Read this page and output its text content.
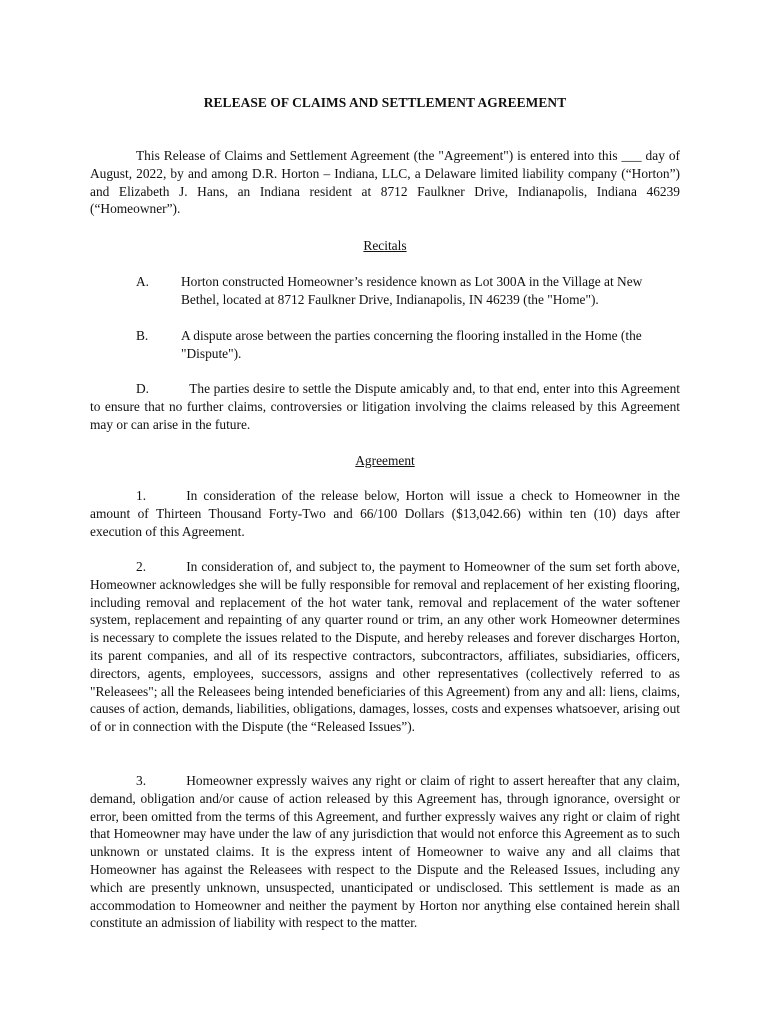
RELEASE OF CLAIMS AND SETTLEMENT AGREEMENT

This Release of Claims and Settlement Agreement (the "Agreement") is entered into this ___ day of August, 2022, by and among D.R. Horton – Indiana, LLC, a Delaware limited liability company (“Horton”) and Elizabeth J. Hans, an Indiana resident at 8712 Faulkner Drive, Indianapolis, Indiana 46239 (“Homeowner”).

Recitals
A.	Horton constructed Homeowner’s residence known as Lot 300A in the Village at New Bethel, located at 8712 Faulkner Drive, Indianapolis, IN 46239 (the "Home").
B.	A dispute arose between the parties concerning the flooring installed in the Home (the "Dispute").

D.   The parties desire to settle the Dispute amicably and, to that end, enter into this Agreement to ensure that no further claims, controversies or litigation involving the claims released by this Agreement may or can arise in the future.

Agreement

1.   In consideration of the release below, Horton will issue a check to Homeowner in the amount of Thirteen Thousand Forty-Two and 66/100 Dollars ($13,042.66) within ten (10) days after execution of this Agreement.

2.   In consideration of, and subject to, the payment to Homeowner of the sum set forth above, Homeowner acknowledges she will be fully responsible for removal and replacement of her existing flooring, including removal and replacement of the hot water tank, removal and replacement of the water softener system, replacement and repainting of any quarter round or trim, an any other work Homeowner determines is necessary to complete the issues related to the Dispute, and hereby releases and forever discharges Horton, its parent companies, and all of its respective contractors, subcontractors, affiliates, subsidiaries, officers, directors, agents, employees, successors, assigns and other representatives (collectively referred to as "Releasees"; all the Releasees being intended beneficiaries of this Agreement) from any and all: liens, claims, causes of action, demands, liabilities, obligations, damages, losses, costs and expenses whatsoever, arising out of or in connection with the Dispute (the “Released Issues”).

3.   Homeowner expressly waives any right or claim of right to assert hereafter that any claim, demand, obligation and/or cause of action released by this Agreement has, through ignorance, oversight or error, been omitted from the terms of this Agreement, and further expressly waives any right or claim of right that Homeowner may have under the law of any jurisdiction that would not enforce this Agreement as to such unknown or unstated claims. It is the express intent of Homeowner to waive any and all claims that Homeowner has against the Releasees with respect to the Dispute and the Released Issues, including any which are presently unknown, unsuspected, unanticipated or undisclosed. This settlement is made as an accommodation to Homeowner and neither the payment by Horton nor anything else contained herein shall constitute an admission of liability with respect to the matter.
